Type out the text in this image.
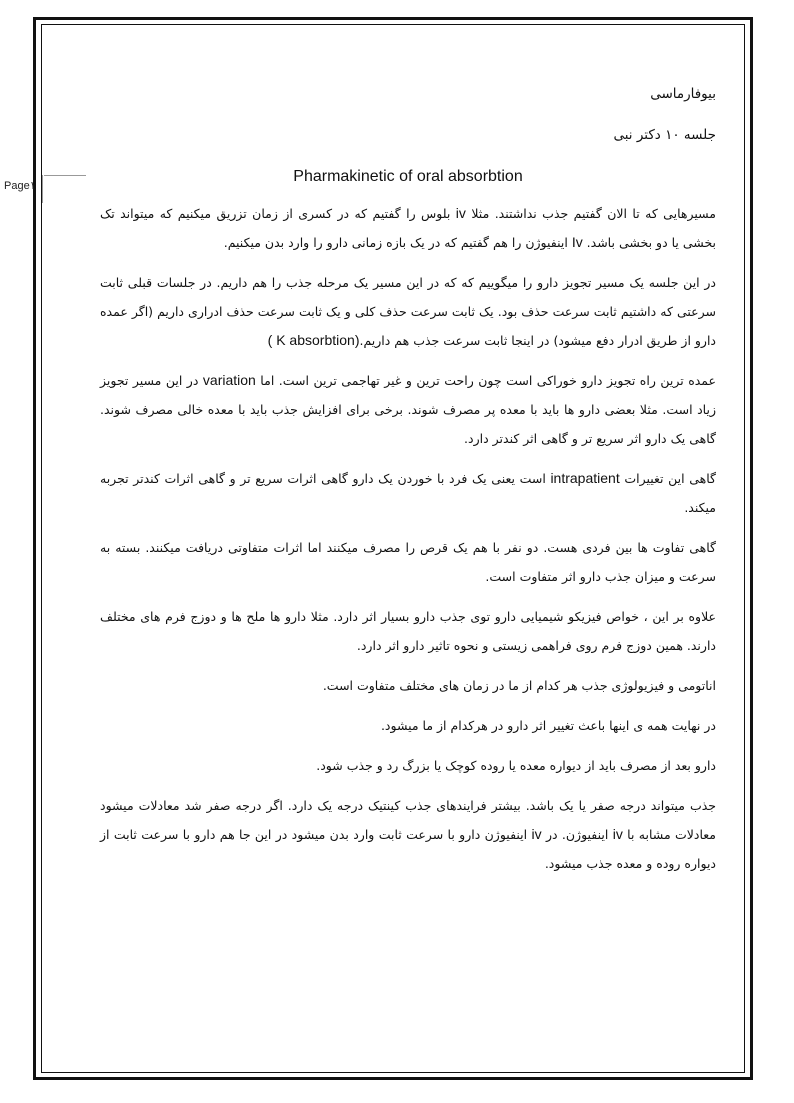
Page١

بیوفارماسی

جلسه ۱۰ دکتر نبی

Pharmakinetic of oral absorbtion

مسیرهایی که تا الان گفتیم جذب نداشتند. مثلا iv بلوس را گفتیم که در کسری از زمان تزریق میکنیم که میتواند تک بخشی یا دو بخشی باشد. Iv اینفیوژن را هم گفتیم که در یک بازه زمانی دارو را وارد بدن میکنیم.

در این جلسه یک مسیر تجویز دارو را میگوییم که که در این مسیر یک مرحله جذب را هم داریم. در جلسات قبلی ثابت سرعتی که داشتیم ثابت سرعت حذف بود. یک ثابت سرعت حذف کلی و یک ثابت سرعت حذف ادراری داریم (اگر عمده دارو از طریق ادرار دفع میشود) در اینجا ثابت سرعت جذب هم داریم.(K absorbtion )

عمده ترین راه تجویز دارو خوراکی است چون راحت ترین و غیر تهاجمی ترین است. اما variation در این مسیر تجویز زیاد است. مثلا بعضی دارو ها باید با معده پر مصرف شوند. برخی برای افزایش جذب باید با معده خالی مصرف شوند. گاهی یک دارو اثر سریع تر و گاهی اثر کندتر دارد.

گاهی این تغییرات intrapatient است یعنی یک فرد با خوردن یک دارو گاهی اثرات سریع تر و گاهی اثرات کندتر تجربه میکند.

گاهی تفاوت ها بین فردی هست. دو نفر با هم یک قرص را مصرف میکنند اما اثرات متفاوتی دریافت میکنند. بسته به سرعت و میزان جذب دارو اثر متفاوت است.

علاوه بر این ، خواص فیزیکو شیمیایی دارو توی جذب دارو بسیار اثر دارد. مثلا دارو ها ملح ها و دوزج فرم های مختلف دارند. همین دوزج فرم روی فراهمی زیستی و نحوه تاثیر دارو اثر دارد.

اناتومی و فیزیولوژی جذب هر کدام از ما در زمان های مختلف متفاوت است.

در نهایت همه ی اینها باعث تغییر اثر دارو در هرکدام از ما میشود.

دارو بعد از مصرف باید از دیواره معده یا روده کوچک یا بزرگ رد و جذب شود.

جذب میتواند درجه صفر یا یک باشد. بیشتر فرایندهای جذب کینتیک درجه یک دارد. اگر درجه صفر شد معادلات میشود معادلات مشابه با iv اینفیوژن. در iv اینفیوژن دارو با سرعت ثابت وارد بدن میشود در این جا هم دارو با سرعت ثابت از دیواره روده و معده جذب میشود.
